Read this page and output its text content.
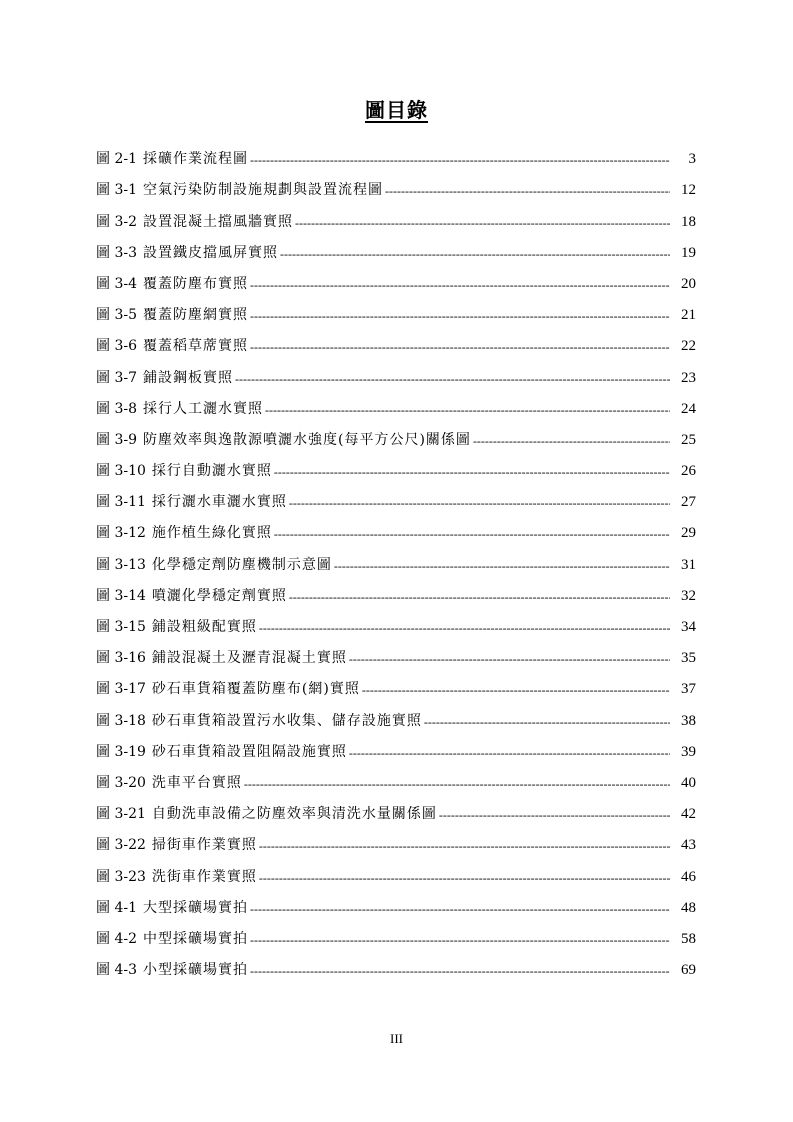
圖目錄
圖 2-1 採礦作業流程圖 -----	3
圖 3-1 空氣污染防制設施規劃與設置流程圖 -----	12
圖 3-2 設置混凝土擋風牆實照 -----	18
圖 3-3 設置鐵皮擋風屏實照 -----	19
圖 3-4 覆蓋防塵布實照 -----	20
圖 3-5 覆蓋防塵網實照 -----	21
圖 3-6 覆蓋稻草蓆實照 -----	22
圖 3-7 鋪設鋼板實照 -----	23
圖 3-8 採行人工灑水實照 -----	24
圖 3-9 防塵效率與逸散源噴灑水強度(每平方公尺)關係圖 -----	25
圖 3-10 採行自動灑水實照 -----	26
圖 3-11 採行灑水車灑水實照 -----	27
圖 3-12 施作植生綠化實照 -----	29
圖 3-13 化學穩定劑防塵機制示意圖 -----	31
圖 3-14 噴灑化學穩定劑實照 -----	32
圖 3-15 鋪設粗級配實照 -----	34
圖 3-16 鋪設混凝土及瀝青混凝土實照 -----	35
圖 3-17 砂石車貨箱覆蓋防塵布(網)實照 -----	37
圖 3-18 砂石車貨箱設置污水收集、儲存設施實照 -----	38
圖 3-19 砂石車貨箱設置阻隔設施實照 -----	39
圖 3-20 洗車平台實照 -----	40
圖 3-21 自動洗車設備之防塵效率與清洗水量關係圖 -----	42
圖 3-22 掃街車作業實照 -----	43
圖 3-23 洗街車作業實照 -----	46
圖 4-1 大型採礦場實拍 -----	48
圖 4-2 中型採礦場實拍 -----	58
圖 4-3 小型採礦場實拍 -----	69
III
